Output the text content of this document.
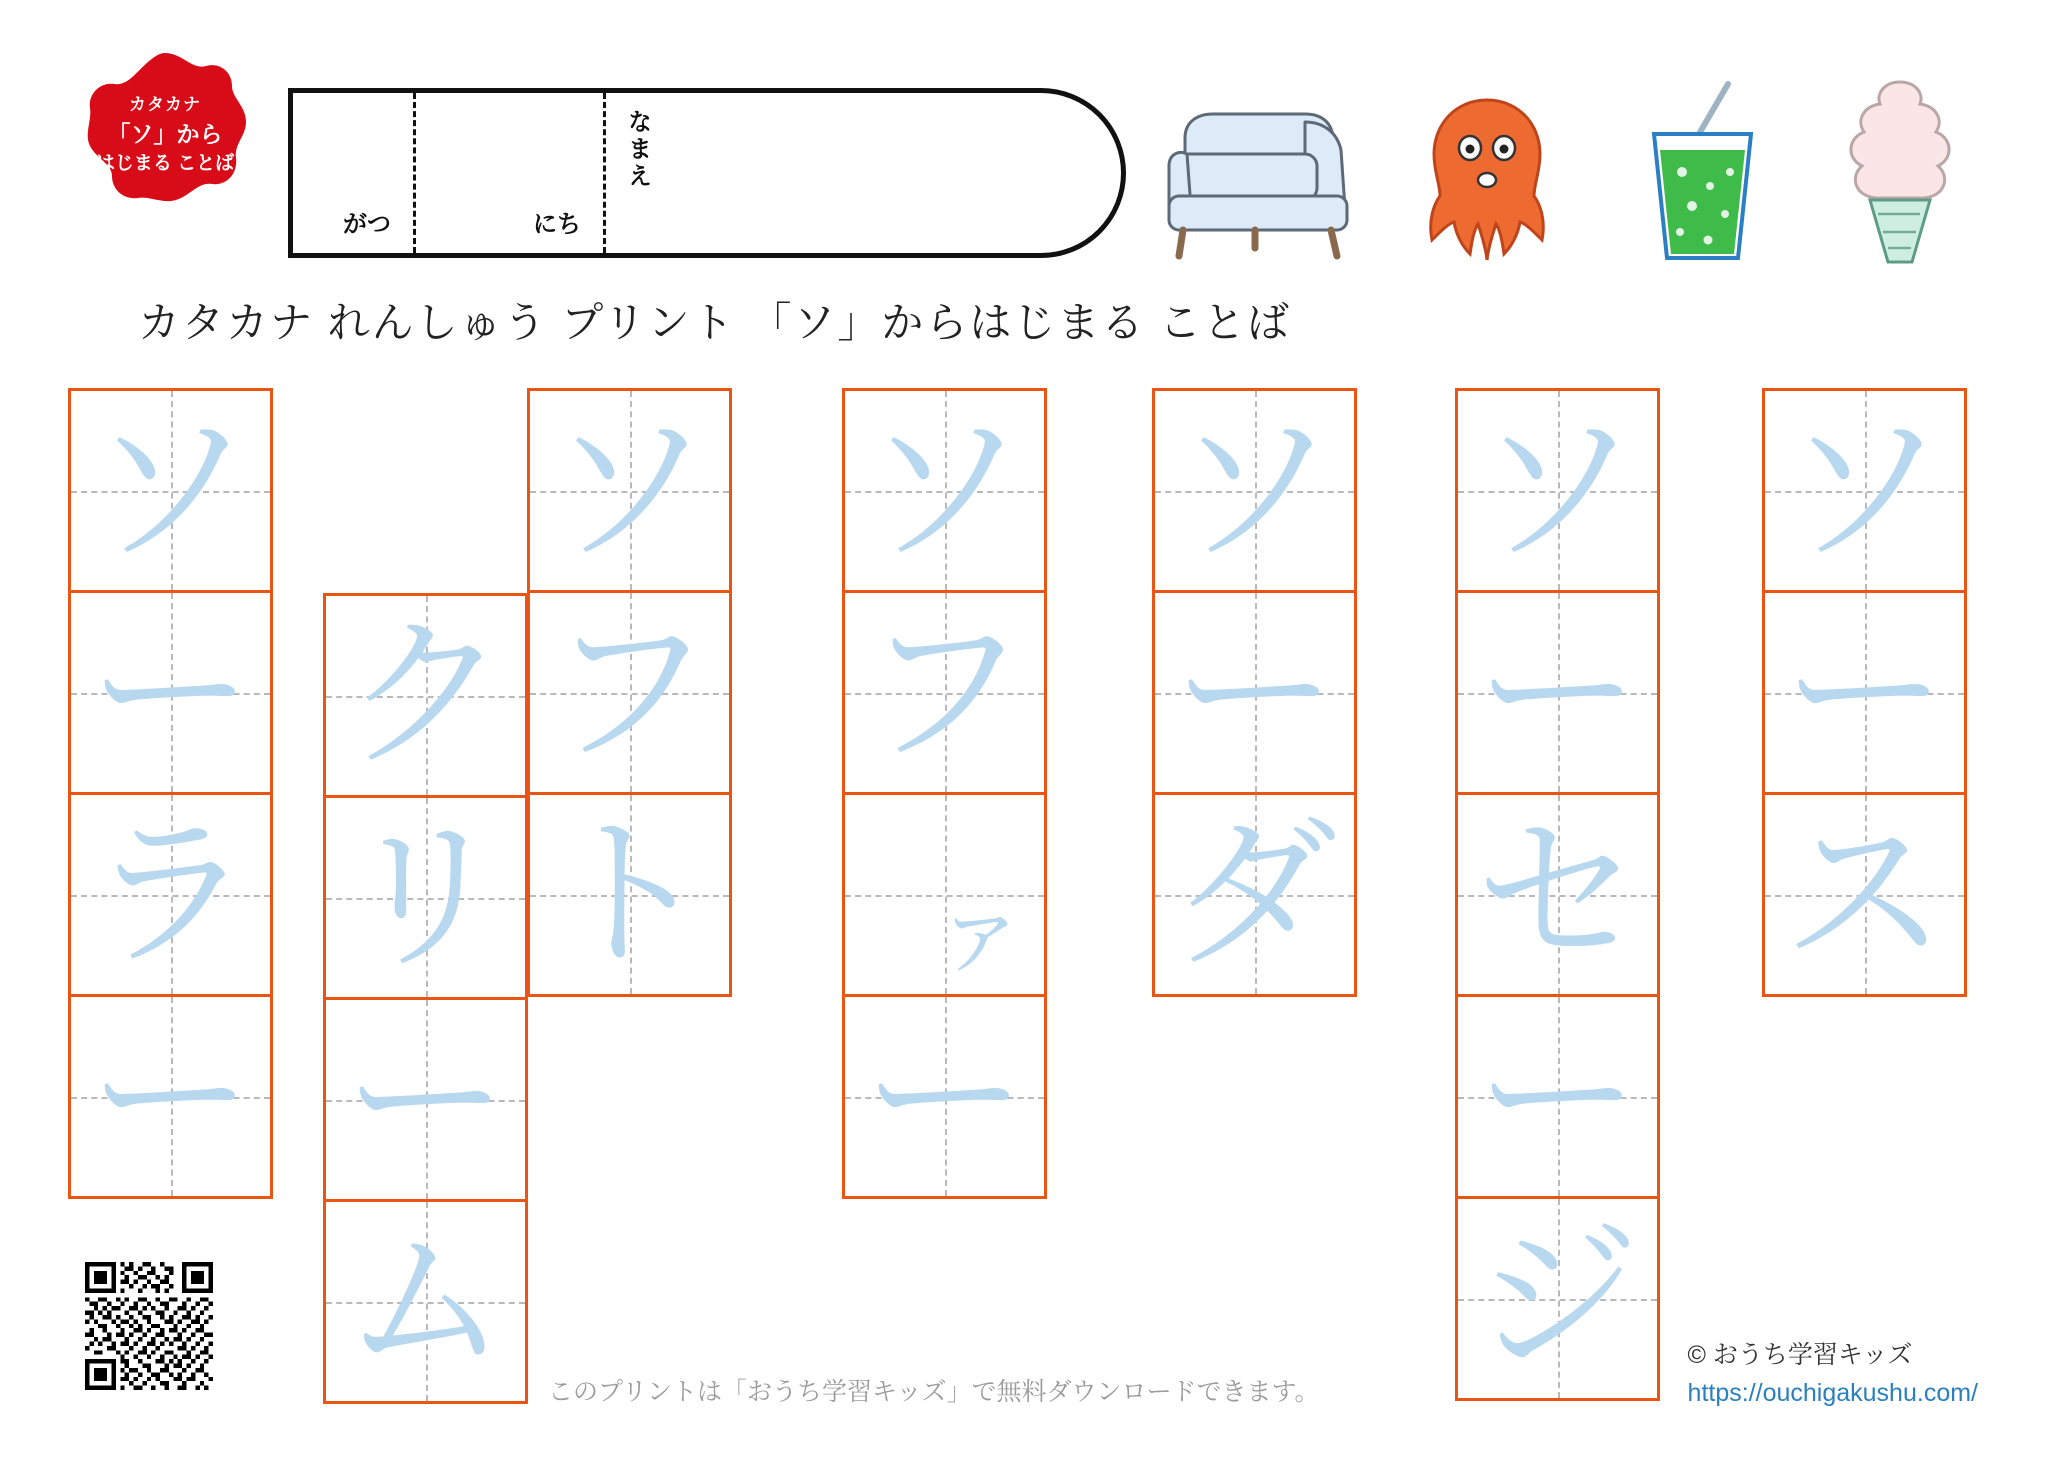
カタカナ
「ソ」から
はじまる ことば
がつ	にち
なまえ
カタカナ れんしゅう プリント 「ソ」からはじまる ことば
ソ
ー
ラ
ー
ク
リ
ー
ム
ソ
フ
ト
ソ
フ
ァ
ー
ソ
ー
ダ
ソ
ー
セ
ー
ジ
ソ
ー
ス
このプリントは「おうち学習キッズ」で無料ダウンロードできます。
© おうち学習キッズ
https://ouchigakushu.com/
